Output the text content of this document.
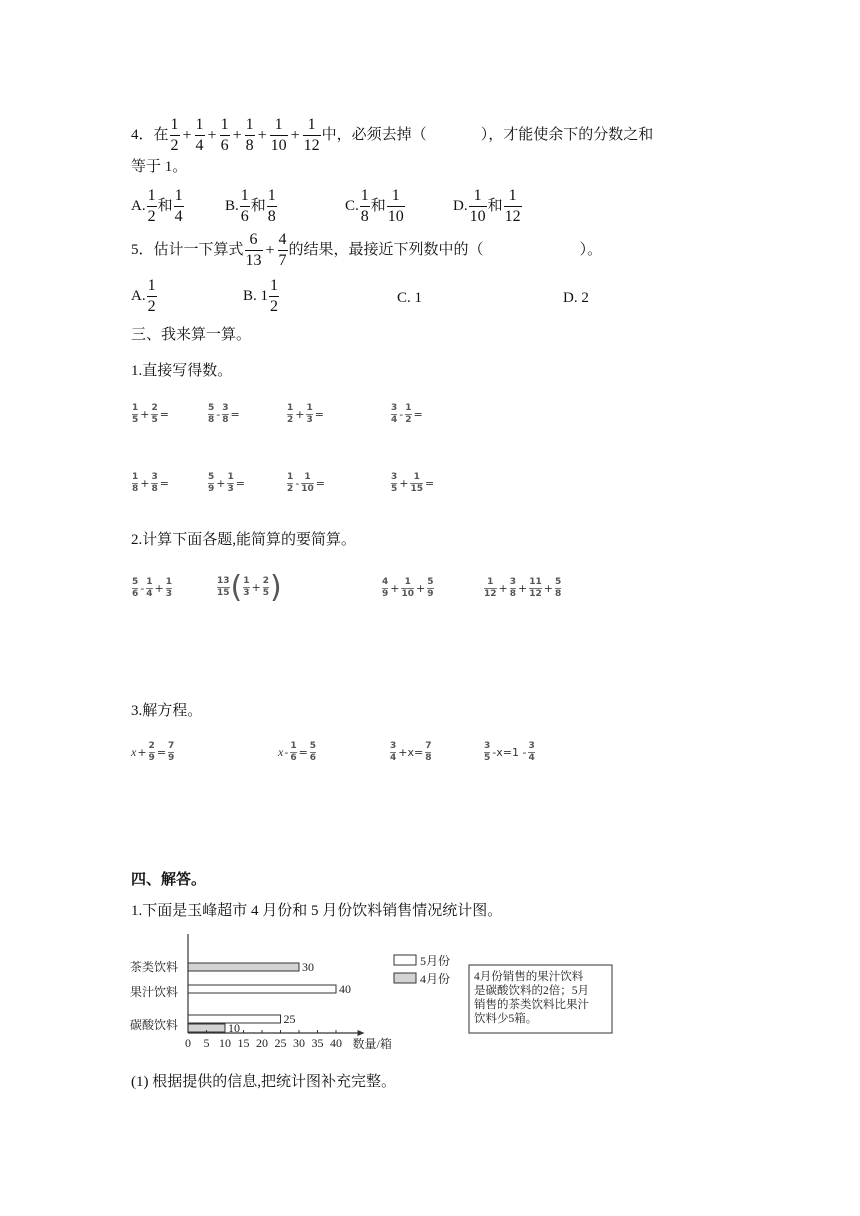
4．在 $\frac{1}{2} + \frac{1}{4} + \frac{1}{6} + \frac{1}{8} + \frac{1}{10} + \frac{1}{12}$ 中，必须去掉（	），才能使余下的分数之和
等于 1。
A. $\frac{1}{2}$ 和 $\frac{1}{4}$	B. $\frac{1}{6}$ 和 $\frac{1}{8}$	C. $\frac{1}{8}$ 和 $\frac{1}{10}$	D. $\frac{1}{10}$ 和 $\frac{1}{12}$
5．估计一下算式 $\frac{6}{13} + \frac{4}{7}$ 的结果，最接近下列数中的（	）。
A. $\frac{1}{2}$	B. $1 \frac{1}{2}$	C. 1	D. 2
三、我来算一算。
1.直接写得数。
$\frac{1}{5} + \frac{2}{5}$ =	$\frac{5}{8} - \frac{3}{8}$ =	$\frac{1}{2} + \frac{1}{3}$ =	$\frac{3}{4} - \frac{1}{2}$ =
$\frac{1}{8} + \frac{3}{8}$ =	$\frac{5}{9} + \frac{1}{3}$ =	$\frac{1}{2} - \frac{1}{10}$ =	$\frac{3}{5} + \frac{1}{15}$ =
2.计算下面各题,能简算的要简算。
$\frac{5}{6} - \frac{1}{4} + \frac{1}{3}$	$\frac{13}{15}$ ( $\frac{1}{3} + \frac{2}{5}$ )	$\frac{4}{9} + \frac{1}{10} + \frac{5}{9}$	$\frac{1}{12} + \frac{3}{8} + \frac{11}{12} + \frac{5}{8}$
3.解方程。
$x+ \frac{2}{9} = \frac{7}{9}$	$x- \frac{1}{6} = \frac{5}{6}$	$\frac{3}{4} +x= \frac{7}{8}$	$\frac{3}{5} -x=1 - \frac{3}{4}$
四、解答。
1.下面是玉峰超市 4 月份和 5 月份饮料销售情况统计图。
茶类饮料
果汁饮料
碳酸饮料
30
40
25
10
0 5 10 15 20 25 30 35 40 数量/箱
5月份
4月份 4月份销售的果汁饮料
是碳酸饮料的2倍；5月
销售的茶类饮料比果汁
饮料少5箱。
(1) 根据提供的信息,把统计图补充完整。
